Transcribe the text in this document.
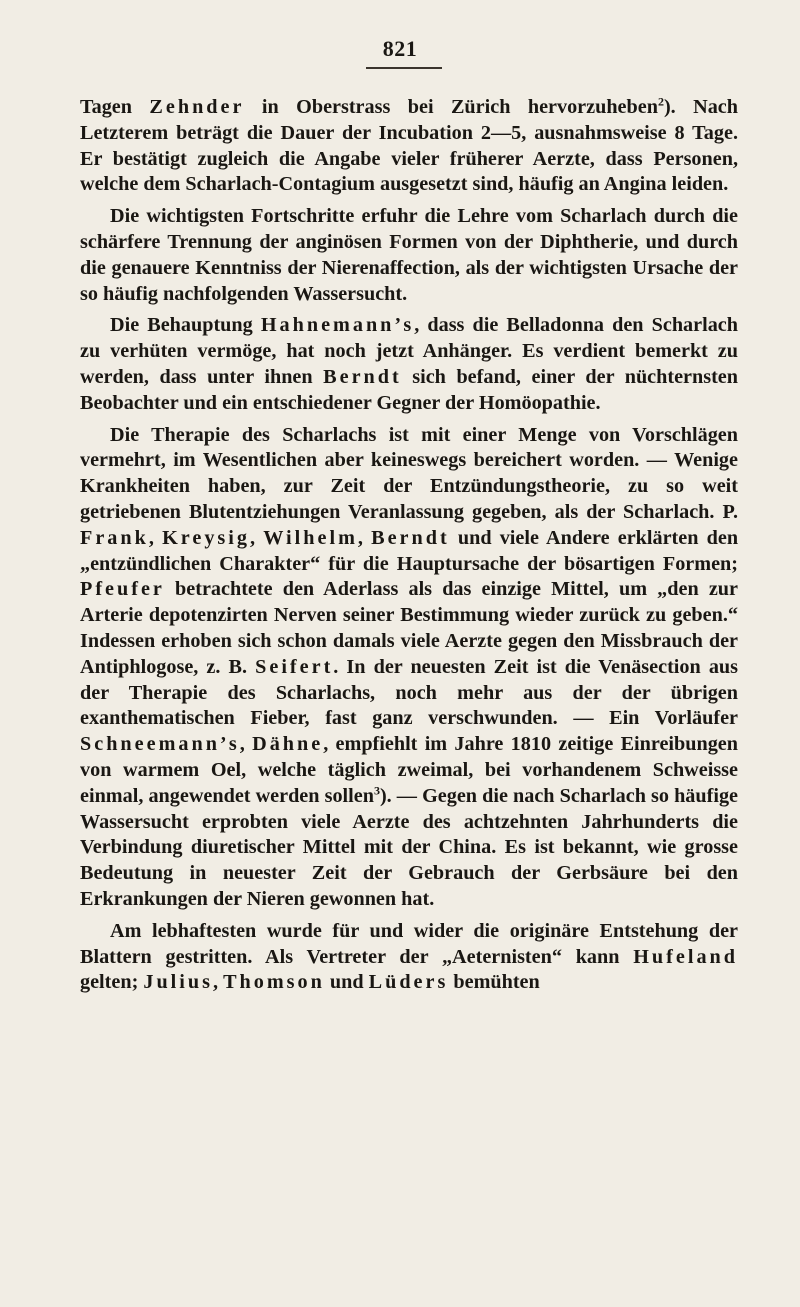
821

Tagen Zehnder in Oberstrass bei Zürich hervorzuheben$^2$). Nach Letzterem beträgt die Dauer der Incubation 2—5, ausnahmsweise 8 Tage. Er bestätigt zugleich die Angabe vieler früherer Aerzte, dass Personen, welche dem Scharlach-Contagium ausgesetzt sind, häufig an Angina leiden.

Die wichtigsten Fortschritte erfuhr die Lehre vom Scharlach durch die schärfere Trennung der anginösen Formen von der Diphtherie, und durch die genauere Kenntniss der Nierenaffection, als der wichtigsten Ursache der so häufig nachfolgenden Wassersucht.

Die Behauptung Hahnemann’s, dass die Belladonna den Scharlach zu verhüten vermöge, hat noch jetzt Anhänger. Es verdient bemerkt zu werden, dass unter ihnen Berndt sich befand, einer der nüchternsten Beobachter und ein entschiedener Gegner der Homöopathie.

Die Therapie des Scharlachs ist mit einer Menge von Vorschlägen vermehrt, im Wesentlichen aber keineswegs bereichert worden. — Wenige Krankheiten haben, zur Zeit der Entzündungstheorie, zu so weit getriebenen Blutentziehungen Veranlassung gegeben, als der Scharlach. P. Frank, Kreysig, Wilhelm, Berndt und viele Andere erklärten den „entzündlichen Charakter“ für die Hauptursache der bösartigen Formen; Pfeufer betrachtete den Aderlass als das einzige Mittel, um „den zur Arterie depotenzirten Nerven seiner Bestimmung wieder zurück zu geben.“ Indessen erhoben sich schon damals viele Aerzte gegen den Missbrauch der Antiphlogose, z. B. Seifert. In der neuesten Zeit ist die Venäsection aus der Therapie des Scharlachs, noch mehr aus der der übrigen exanthematischen Fieber, fast ganz verschwunden. — Ein Vorläufer Schneemann’s, Dähne, empfiehlt im Jahre 1810 zeitige Einreibungen von warmem Oel, welche täglich zweimal, bei vorhandenem Schweisse einmal, angewendet werden sollen$^3$). — Gegen die nach Scharlach so häufige Wassersucht erprobten viele Aerzte des achtzehnten Jahrhunderts die Verbindung diuretischer Mittel mit der China. Es ist bekannt, wie grosse Bedeutung in neuester Zeit der Gebrauch der Gerbsäure bei den Erkrankungen der Nieren gewonnen hat.

Am lebhaftesten wurde für und wider die originäre Entstehung der Blattern gestritten. Als Vertreter der „Aeternisten“ kann Hufeland gelten; Julius, Thomson und Lüders bemühten
